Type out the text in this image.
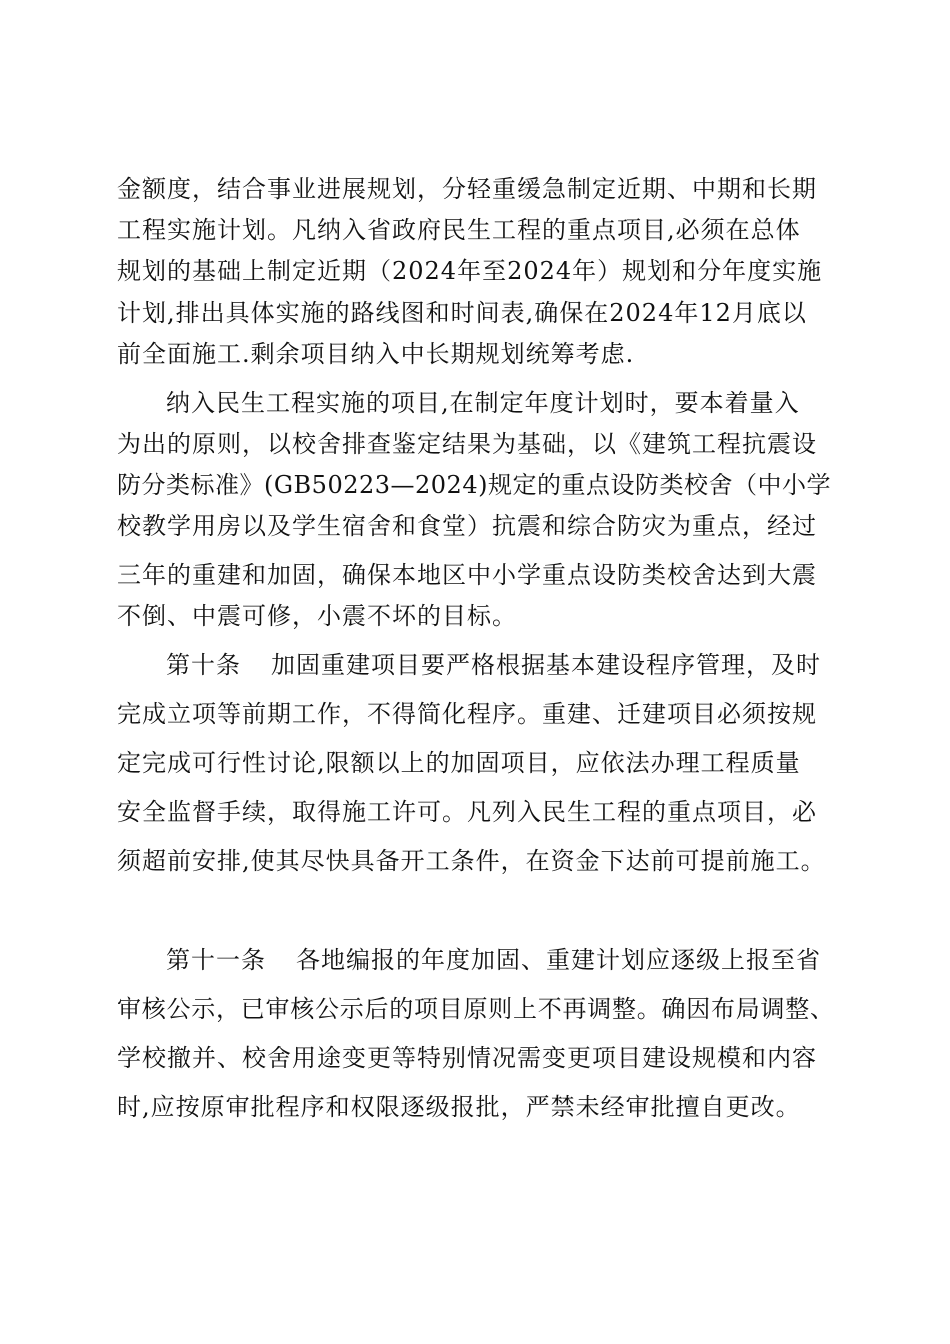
金额度，结合事业进展规划，分轻重缓急制定近期、中期和长期
工程实施计划。凡纳入省政府民生工程的重点项目,必须在总体
规划的基础上制定近期（2024年至2024年）规划和分年度实施
计划,排出具体实施的路线图和时间表,确保在2024年12月底以
前全面施工.剩余项目纳入中长期规划统筹考虑.
纳入民生工程实施的项目,在制定年度计划时，要本着量入
为出的原则，以校舍排查鉴定结果为基础，以《建筑工程抗震设
防分类标准》(GB50223—2024)规定的重点设防类校舍（中小学
校教学用房以及学生宿舍和食堂）抗震和综合防灾为重点，经过
三年的重建和加固，确保本地区中小学重点设防类校舍达到大震
不倒、中震可修，小震不坏的目标。
第十条 加固重建项目要严格根据基本建设程序管理，及时
完成立项等前期工作，不得简化程序。重建、迁建项目必须按规
定完成可行性讨论,限额以上的加固项目，应依法办理工程质量
安全监督手续，取得施工许可。凡列入民生工程的重点项目，必
须超前安排,使其尽快具备开工条件，在资金下达前可提前施工。
第十一条 各地编报的年度加固、重建计划应逐级上报至省
审核公示，已审核公示后的项目原则上不再调整。确因布局调整、
学校撤并、校舍用途变更等特别情况需变更项目建设规模和内容
时,应按原审批程序和权限逐级报批，严禁未经审批擅自更改。
